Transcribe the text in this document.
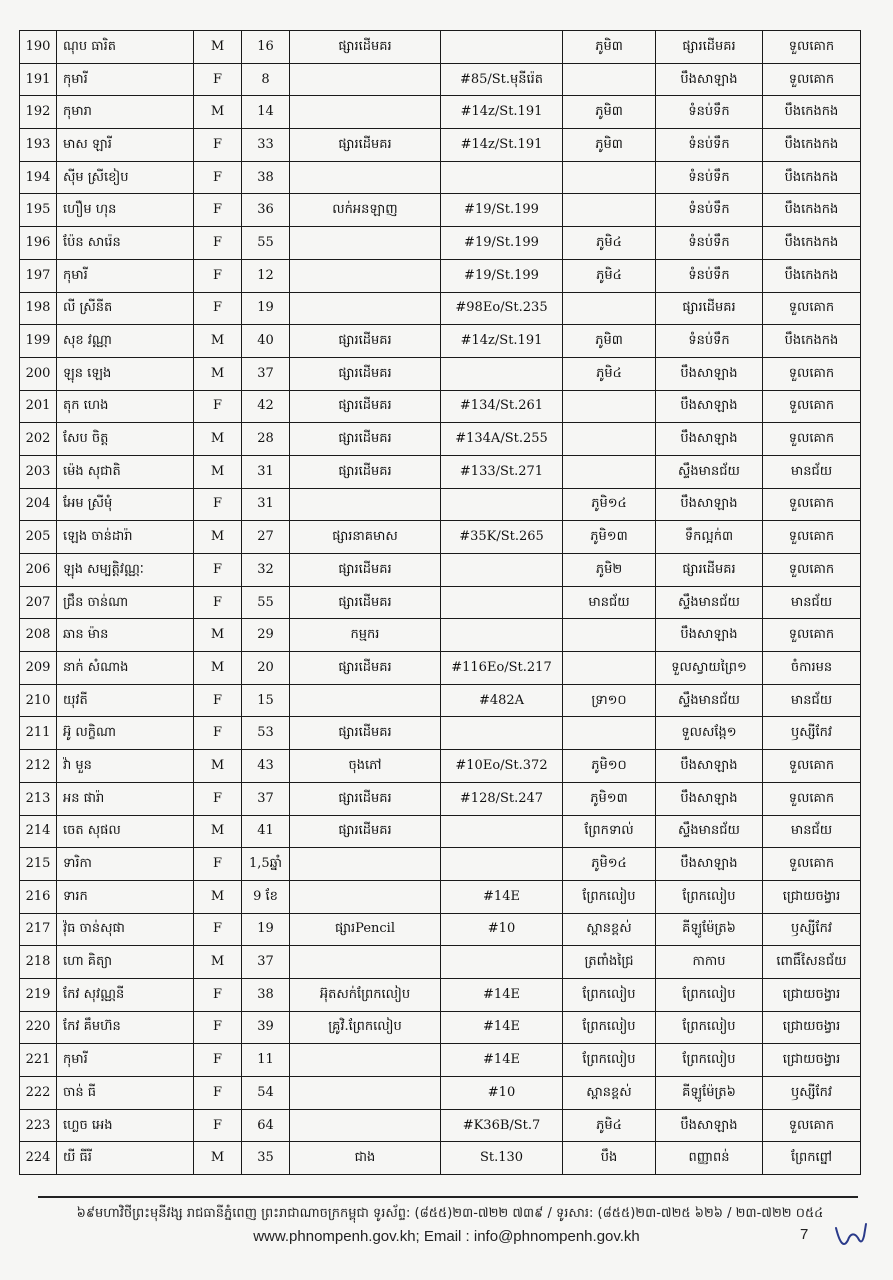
190	ណុប ធារិត	M	16	ផ្សារដើមគរ		ភូមិ៣	ផ្សារដើមគរ	ទួលគោក
191	កុមារី	F	8		#85/St.មុនីរ៉េត		បឹងសាឡាង	ទួលគោក
192	កុមារា	M	14		#14z/St.191	ភូមិ៣	ទំនប់ទឹក	បឹងកេងកង
193	មាស ឡារី	F	33	ផ្សារដើមគរ	#14z/St.191	ភូមិ៣	ទំនប់ទឹក	បឹងកេងកង
194	ស៊ីម ស្រីខៀប	F	38				ទំនប់ទឹក	បឹងកេងកង
195	ហឿម ហុន	F	36	លក់អនឡាញ	#19/St.199		ទំនប់ទឹក	បឹងកេងកង
196	ប៉ែន សារ៉េន	F	55		#19/St.199	ភូមិ៤	ទំនប់ទឹក	បឹងកេងកង
197	កុមារី	F	12		#19/St.199	ភូមិ៤	ទំនប់ទឹក	បឹងកេងកង
198	លី ស្រីនីត	F	19		#98Eo/St.235		ផ្សារដើមគរ	ទួលគោក
199	សុខ វណ្ណា	M	40	ផ្សារដើមគរ	#14z/St.191	ភូមិ៣	ទំនប់ទឹក	បឹងកេងកង
200	ឡុន ឡេង	M	37	ផ្សារដើមគរ		ភូមិ៤	បឹងសាឡាង	ទួលគោក
201	តុក ហេង	F	42	ផ្សារដើមគរ	#134/St.261		បឹងសាឡាង	ទួលគោក
202	សែប ចិត្ត	M	28	ផ្សារដើមគរ	#134A/St.255		បឹងសាឡាង	ទួលគោក
203	ម៉េង សុជាតិ	M	31	ផ្សារដើមគរ	#133/St.271		ស្ទឹងមានជ័យ	មានជ័យ
204	អែម ស្រីមុំ	F	31			ភូមិ១៤	បឹងសាឡាង	ទួលគោក
205	ឡេង ចាន់ដារ៉ា	M	27	ផ្សារនាគមាស	#35K/St.265	ភូមិ១៣	ទឹកល្អក់៣	ទួលគោក
206	ឡុង សម្បត្តិវណ្ណៈ	F	32	ផ្សារដើមគរ		ភូមិ២	ផ្សារដើមគរ	ទួលគោក
207	ជ្រឹន ចាន់ណា	F	55	ផ្សារដើមគរ		មានជ័យ	ស្ទឹងមានជ័យ	មានជ័យ
208	ឆាន ម៉ាន	M	29	កម្មករ			បឹងសាឡាង	ទួលគោក
209	នាក់ សំណាង	M	20	ផ្សារដើមគរ	#116Eo/St.217		ទួលស្វាយព្រៃ១	ចំការមន
210	យុវតី	F	15		#482A	ទ្រា១០	ស្ទឹងមានជ័យ	មានជ័យ
211	អ៊ូ លក្ខិណា	F	53	ផ្សារដើមគរ			ទួលសង្កែ១	ឫស្សីកែវ
212	វ៉ា មួន	M	43	ចុងភៅ	#10Eo/St.372	ភូមិ១០	បឹងសាឡាង	ទួលគោក
213	អន ផារ៉ា	F	37	ផ្សារដើមគរ	#128/St.247	ភូមិ១៣	បឹងសាឡាង	ទួលគោក
214	ចេត សុផល	M	41	ផ្សារដើមគរ		ព្រែកទាល់	ស្ទឹងមានជ័យ	មានជ័យ
215	ទារិកា	F	1,5ឆ្នាំ			ភូមិ១៤	បឹងសាឡាង	ទួលគោក
216	ទារក	M	9 ខែ		#14E	ព្រែកលៀប	ព្រែកលៀប	ជ្រោយចង្វារ
217	វ៉ុធ ចាន់សុផា	F	19	ផ្សារPencil	#10	ស្ពានខ្ពស់	គីឡូម៉ែត្រ៦	ឫស្សីកែវ
218	ហោ គិត្យា	M	37			ត្រពាំងជ្រៃ	កាកាប	ពោធិ៍សែនជ័យ
219	កែវ សុវណ្ណនី	F	38	អ៊ុតសក់ព្រែកលៀប	#14E	ព្រែកលៀប	ព្រែកលៀប	ជ្រោយចង្វារ
220	កែវ គឹមហ៊ន	F	39	គ្រូវិ.ព្រែកលៀប	#14E	ព្រែកលៀប	ព្រែកលៀប	ជ្រោយចង្វារ
221	កុមារី	F	11		#14E	ព្រែកលៀប	ព្រែកលៀប	ជ្រោយចង្វារ
222	ចាន់ ធី	F	54		#10	ស្ពានខ្ពស់	គីឡូម៉ែត្រ៦	ឫស្សីកែវ
223	ហ្លេច អេង	F	64		#K36B/St.7	ភូមិ៤	បឹងសាឡាង	ទួលគោក
224	យី ធីរី	M	35	ជាង	St.130	បឹង	ពញ្ញាពន់	ព្រែកព្នៅ
៦៩មហាវិថីព្រះមុនីវង្ស រាជធានីភ្នំពេញ ព្រះរាជាណាចក្រកម្ពុជា ទូរស័ព្ទ: (៨៥៥)២៣-៧២២ ៧៣៩ / ទូរសារ: (៨៥៥)២៣-៧២៥ ៦២៦ / ២៣-៧២២ ០៥៤
www.phnompenh.gov.kh; Email : info@phnompenh.gov.kh	7
